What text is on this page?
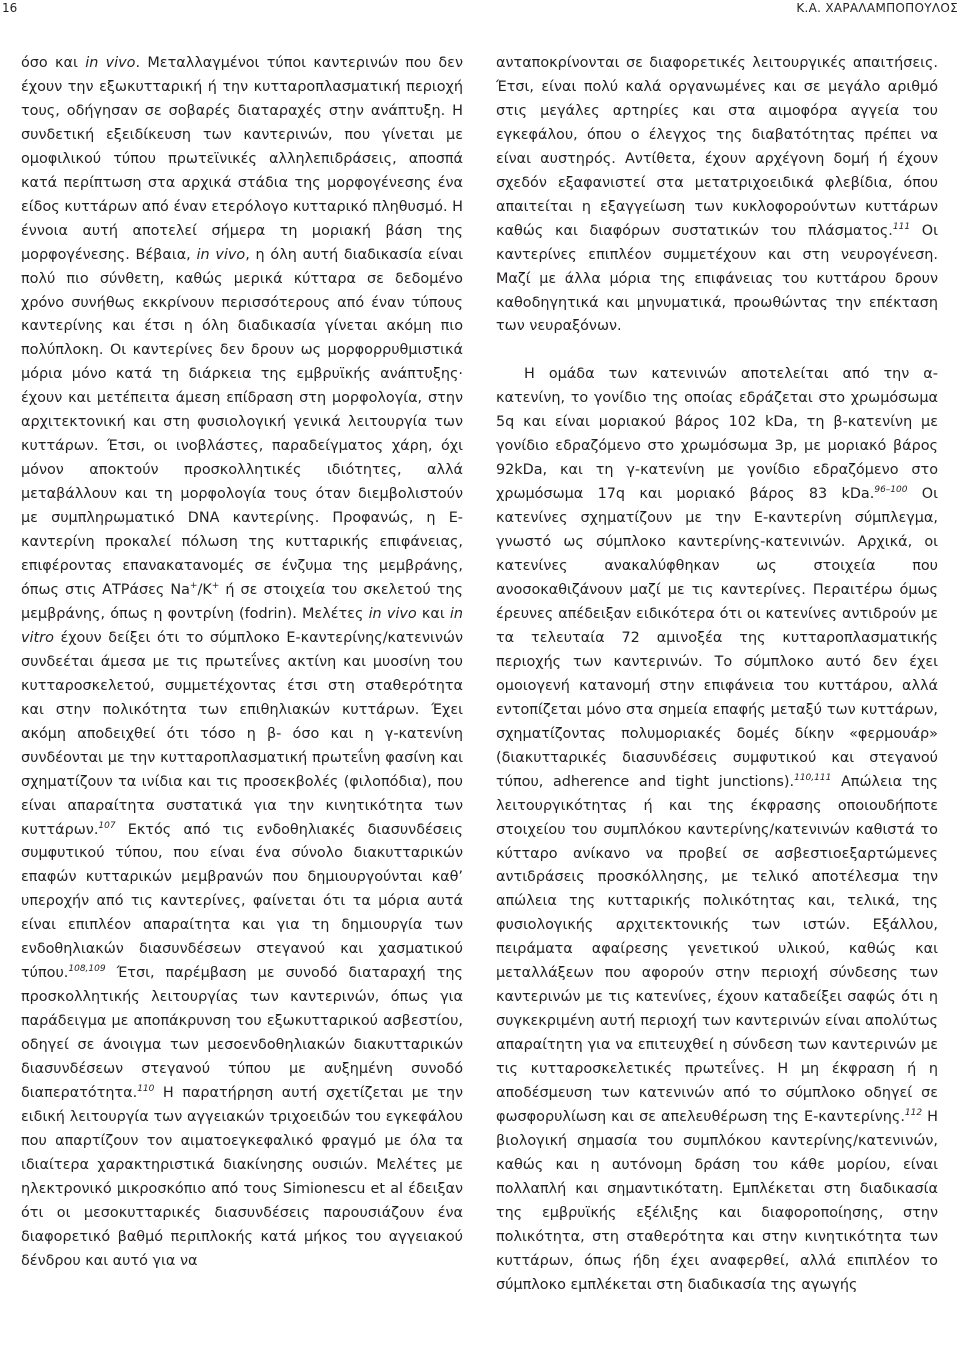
16	Κ.Α. ΧΑΡΑΛΑΜΠΟΠΟΥΛΟΣ

όσο και in vivo. Μεταλλαγμένοι τύποι καντερινών που δεν έχουν την εξωκυτταρική ή την κυτταροπλασματική περιοχή τους, οδήγησαν σε σοβαρές διαταραχές στην ανάπτυξη. Η συνδετική εξειδίκευση των καντερινών, που γίνεται με ομοφιλικού τύπου πρωτεϊνικές αλληλεπιδράσεις, αποσπά κατά περίπτωση στα αρχικά στάδια της μορφογένεσης ένα είδος κυττάρων από έναν ετερόλογο κυτταρικό πληθυσμό. Η έννοια αυτή αποτελεί σήμερα τη μοριακή βάση της μορφογένεσης. Βέβαια, in vivo, η όλη αυτή διαδικασία είναι πολύ πιο σύνθετη, καθώς μερικά κύτταρα σε δεδομένο χρόνο συνήθως εκκρίνουν περισσότερους από έναν τύπους καντερίνης και έτσι η όλη διαδικασία γίνεται ακόμη πιο πολύπλοκη. Οι καντερίνες δεν δρουν ως μορφορρυθμιστικά μόρια μόνο κατά τη διάρκεια της εμβρυϊκής ανάπτυξης· έχουν και μετέπειτα άμεση επίδραση στη μορφολογία, στην αρχιτεκτονική και στη φυσιολογική γενικά λειτουργία των κυττάρων. Έτσι, οι ινοβλάστες, παραδείγματος χάρη, όχι μόνον αποκτούν προσκολλητικές ιδιότητες, αλλά μεταβάλλουν και τη μορφολογία τους όταν διεμβολιστούν με συμπληρωματικό DNA καντερίνης. Προφανώς, η Ε-καντερίνη προκαλεί πόλωση της κυτταρικής επιφάνειας, επιφέροντας επανακατανομές σε ένζυμα της μεμβράνης, όπως στις ΑΤΡάσες Na+/K+ ή σε στοιχεία του σκελετού της μεμβράνης, όπως η φοντρίνη (fodrin). Μελέτες in vivo και in vitro έχουν δείξει ότι το σύμπλοκο Ε-καντερίνης/κατενινών συνδεέται άμεσα με τις πρωτεΐνες ακτίνη και μυοσίνη του κυτταροσκελετού, συμμετέχοντας έτσι στη σταθερότητα και στην πολικότητα των επιθηλιακών κυττάρων. Έχει ακόμη αποδειχθεί ότι τόσο η β- όσο και η γ-κατενίνη συνδέονται με την κυτταροπλασματική πρωτεΐνη φασίνη και σχηματίζουν τα ινίδια και τις προσεκβολές (φιλοπόδια), που είναι απαραίτητα συστατικά για την κινητικότητα των κυττάρων.$^{107}$ Εκτός από τις ενδοθηλιακές διασυνδέσεις συμφυτικού τύπου, που είναι ένα σύνολο διακυτταρικών επαφών κυτταρικών μεμβρανών που δημιουργούνται καθ’ υπεροχήν από τις καντερίνες, φαίνεται ότι τα μόρια αυτά είναι επιπλέον απαραίτητα και για τη δημιουργία των ενδοθηλιακών διασυνδέσεων στεγανού και χασματικού τύπου.$^{108,109}$ Έτσι, παρέμβαση με συνοδό διαταραχή της προσκολλητικής λειτουργίας των καντερινών, όπως για παράδειγμα με αποπάκρυνση του εξωκυτταρικού ασβεστίου, οδηγεί σε άνοιγμα των μεσοενδοθηλιακών διακυτταρικών διασυνδέσεων στεγανού τύπου με αυξημένη συνοδό διαπερατότητα.$^{110}$ Η παρατήρηση αυτή σχετίζεται με την ειδική λειτουργία των αγγειακών τριχοειδών του εγκεφάλου που απαρτίζουν τον αιματοεγκεφαλικό φραγμό με όλα τα ιδιαίτερα χαρακτηριστικά διακίνησης ουσιών. Μελέτες με ηλεκτρονικό μικροσκόπιο από τους Simionescu et al έδειξαν ότι οι μεσοκυτταρικές διασυνδέσεις παρουσιάζουν ένα διαφορετικό βαθμό περιπλοκής κατά μήκος του αγγειακού δένδρου και αυτό για να

ανταποκρίνονται σε διαφορετικές λειτουργικές απαιτήσεις. Έτσι, είναι πολύ καλά οργανωμένες και σε μεγάλο αριθμό στις μεγάλες αρτηρίες και στα αιμοφόρα αγγεία του εγκεφάλου, όπου ο έλεγχος της διαβατότητας πρέπει να είναι αυστηρός. Αντίθετα, έχουν αρχέγονη δομή ή έχουν σχεδόν εξαφανιστεί στα μετατριχοειδικά φλεβίδια, όπου απαιτείται η εξαγγείωση των κυκλοφορούντων κυττάρων καθώς και διαφόρων συστατικών του πλάσματος.$^{111}$ Οι καντερίνες επιπλέον συμμετέχουν και στη νευρογένεση. Μαζί με άλλα μόρια της επιφάνειας του κυττάρου δρουν καθοδηγητικά και μηνυματικά, προωθώντας την επέκταση των νευραξόνων.

Η ομάδα των κατενινών αποτελείται από την α-κατενίνη, το γονίδιο της οποίας εδράζεται στο χρωμόσωμα 5q και είναι μοριακού βάρος 102 kDa, τη β-κατενίνη με γονίδιο εδραζόμενο στο χρωμόσωμα 3p, με μοριακό βάρος 92kDa, και τη γ-κατενίνη με γονίδιο εδραζόμενο στο χρωμόσωμα 17q και μοριακό βάρος 83 kDa.$^{96-100}$ Οι κατενίνες σχηματίζουν με την Ε-καντερίνη σύμπλεγμα, γνωστό ως σύμπλοκο καντερίνης-κατενινών. Αρχικά, οι κατενίνες ανακαλύφθηκαν ως στοιχεία που ανοσοκαθιζάνουν μαζί με τις καντερίνες. Περαιτέρω όμως έρευνες απέδειξαν ειδικότερα ότι οι κατενίνες αντιδρούν με τα τελευταία 72 αμινοξέα της κυτταροπλασματικής περιοχής των καντερινών. Το σύμπλοκο αυτό δεν έχει ομοιογενή κατανομή στην επιφάνεια του κυττάρου, αλλά εντοπίζεται μόνο στα σημεία επαφής μεταξύ των κυττάρων, σχηματίζοντας πολυμοριακές δομές δίκην «φερμουάρ» (διακυτταρικές διασυνδέσεις συμφυτικού και στεγανού τύπου, adherence and tight junctions).$^{110,111}$ Απώλεια της λειτουργικότητας ή και της έκφρασης οποιουδήποτε στοιχείου του συμπλόκου καντερίνης/κατενινών καθιστά το κύτταρο ανίκανο να προβεί σε ασβεστιοεξαρτώμενες αντιδράσεις προσκόλλησης, με τελικό αποτέλεσμα την απώλεια της κυτταρικής πολικότητας και, τελικά, της φυσιολογικής αρχιτεκτονικής των ιστών. Εξάλλου, πειράματα αφαίρεσης γενετικού υλικού, καθώς και μεταλλάξεων που αφορούν στην περιοχή σύνδεσης των καντερινών με τις κατενίνες, έχουν καταδείξει σαφώς ότι η συγκεκριμένη αυτή περιοχή των καντερινών είναι απολύτως απαραίτητη για να επιτευχθεί η σύνδεση των καντερινών με τις κυτταροσκελετικές πρωτεΐνες. Η μη έκφραση ή η αποδέσμευση των κατενινών από το σύμπλοκο οδηγεί σε φωσφορυλίωση και σε απελευθέρωση της Ε-καντερίνης.$^{112}$ Η βιολογική σημασία του συμπλόκου καντερίνης/κατενινών, καθώς και η αυτόνομη δράση του κάθε μορίου, είναι πολλαπλή και σημαντικότατη. Εμπλέκεται στη διαδικασία της εμβρυϊκής εξέλιξης και διαφοροποίησης, στην πολικότητα, στη σταθερότητα και στην κινητικότητα των κυττάρων, όπως ήδη έχει αναφερθεί, αλλά επιπλέον το σύμπλοκο εμπλέκεται στη διαδικασία της αγωγής
